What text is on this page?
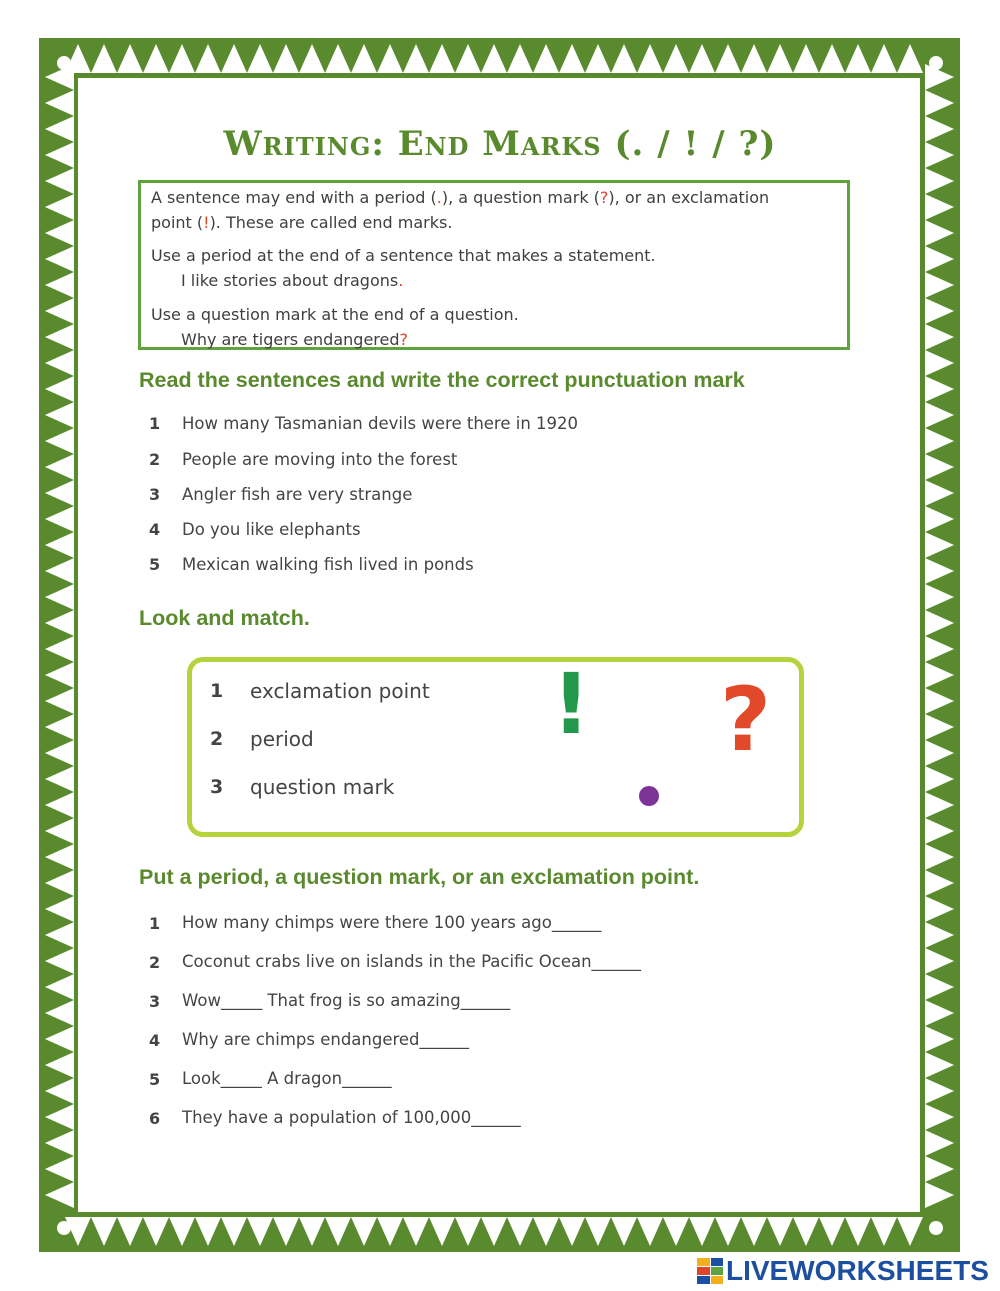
Writing: End Marks (. / ! / ?)
A sentence may end with a period (.), a question mark (?), or an exclamation
point (!). These are called end marks.
Use a period at the end of a sentence that makes a statement.
I like stories about dragons.
Use a question mark at the end of a question.
Why are tigers endangered?
Read the sentences and write the correct punctuation mark
1 How many Tasmanian devils were there in 1920
2 People are moving into the forest
3 Angler fish are very strange
4 Do you like elephants
5 Mexican walking fish lived in ponds
Look and match.
1 exclamation point
2 period
3 question mark
! ?
Put a period, a question mark, or an exclamation point.
1 How many chimps were there 100 years ago______
2 Coconut crabs live on islands in the Pacific Ocean______
3 Wow_____ That frog is so amazing______
4 Why are chimps endangered______
5 Look_____ A dragon______
6 They have a population of 100,000______
LIVEWORKSHEETS
